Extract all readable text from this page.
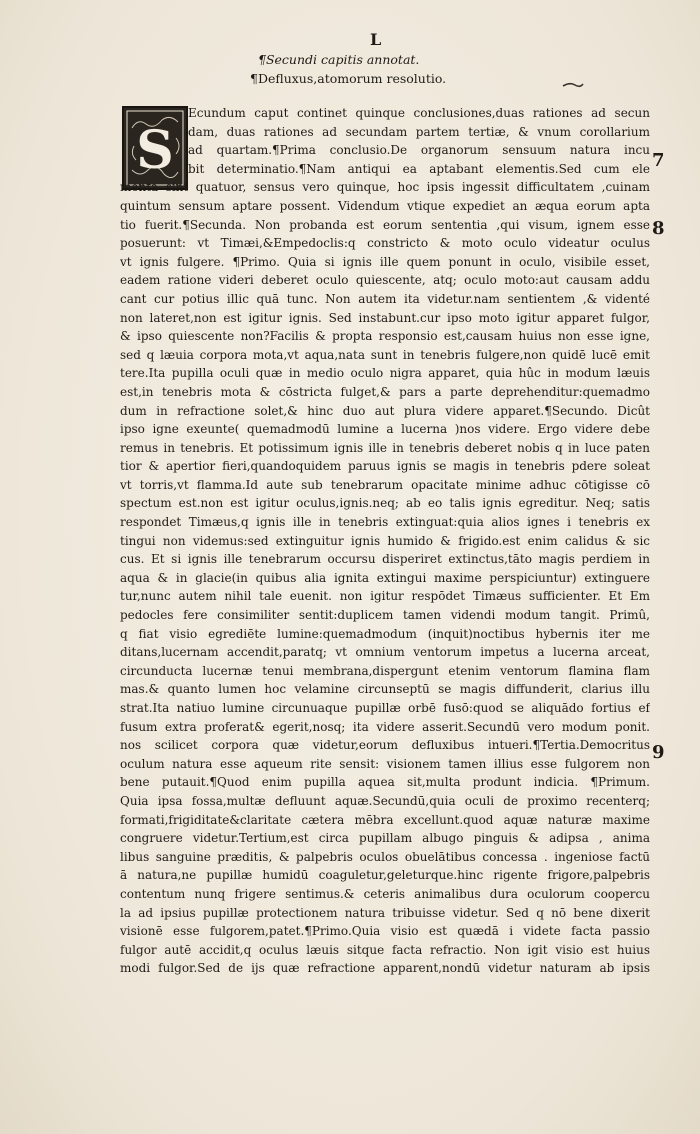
L
¶Secundi capitis annotat.
¶Defluxus,atomorum resolutio.
S
Ecundum caput continet quinque conclusiones,duas rationes ad secun
dam, duas rationes ad secundam partem tertiæ, & vnum corollarium
ad quartam.¶Prima conclusio.De organorum sensuum natura incu
bit determinatio.¶Nam antiqui ea aptabant elementis.Sed cum ele
menta sint quatuor, sensus vero quinque, hoc ipsis ingessit difficultatem ,cuinam
quintum sensum aptare possent. Videndum vtique expediet an æqua eorum apta
tio fuerit.¶Secunda. Non probanda est eorum sententia ,qui visum, ignem esse
posuerunt: vt Timæi,&Empedoclis:q constricto & moto oculo videatur oculus
vt ignis fulgere. ¶Primo. Quia si ignis ille quem ponunt in oculo, visibile esset,
eadem ratione videri deberet oculo quiescente, atq; oculo moto:aut causam addu
cant cur potius illic quā tunc. Non autem ita videtur.nam sentientem ,& videnté
non lateret,non est igitur ignis. Sed instabunt.cur ipso moto igitur apparet fulgor,
& ipso quiescente non?Facilis & propta responsio est,causam huius non esse igne,
sed q læuia corpora mota,vt aqua,nata sunt in tenebris fulgere,non quidē lucē emit
tere.Ita pupilla oculi quæ in medio oculo nigra apparet, quia hûc in modum læuis
est,in tenebris mota & cōstricta fulget,& pars a parte deprehenditur:quemadmo
dum in refractione solet,& hinc duo aut plura videre apparet.¶Secundo. Dicût
ipso igne exeunte( quemadmodū lumine a lucerna )nos videre. Ergo videre debe
remus in tenebris. Et potissimum ignis ille in tenebris deberet nobis q in luce paten
tior & apertior fieri,quandoquidem paruus ignis se magis in tenebris pdere soleat
vt torris,vt flamma.Id aute sub tenebrarum opacitate minime adhuc cōtigisse cō
spectum est.non est igitur oculus,ignis.neq; ab eo talis ignis egreditur. Neq; satis
respondet Timæus,q ignis ille in tenebris extinguat:quia alios ignes i tenebris ex
tingui non videmus:sed extinguitur ignis humido & frigido.est enim calidus & sic
cus. Et si ignis ille tenebrarum occursu disperiret extinctus,tāto magis perdiem in
aqua & in glacie(in quibus alia ignita extingui maxime perspiciuntur) extinguere
tur,nunc autem nihil tale euenit. non igitur respōdet Timæus sufficienter. Et Em
pedocles fere consimiliter sentit:duplicem tamen videndi modum tangit. Primû,
q fiat visio egrediēte lumine:quemadmodum (inquit)noctibus hybernis iter me
ditans,lucernam accendit,paratq; vt omnium ventorum impetus a lucerna arceat,
circunducta lucernæ tenui membrana,dispergunt etenim ventorum flamina flam
mas.& quanto lumen hoc velamine circunseptū se magis diffunderit, clarius illu
strat.Ita natiuo lumine circunuaque pupillæ orbē fusō:quod se aliquādo fortius ef
fusum extra proferat& egerit,nosq; ita videre asserit.Secundū vero modum ponit.
nos scilicet corpora quæ videtur,eorum defluxibus intueri.¶Tertia.Democritus
oculum natura esse aqueum rite sensit: visionem tamen illius esse fulgorem non
bene putauit.¶Quod enim pupilla aquea sit,multa produnt indicia. ¶Primum.
Quia ipsa fossa,multæ defluunt aquæ.Secundū,quia oculi de proximo recenterq;
formati,frigiditate&claritate cætera mēbra excellunt.quod aquæ naturæ maxime
congruere videtur.Tertium,est circa pupillam albugo pinguis & adipsa , anima
libus sanguine præditis, & palpebris oculos obuelātibus concessa . ingeniose factū
ā natura,ne pupillæ humidū coaguletur,geleturque.hinc rigente frigore,palpebris
contentum nunq frigere sentimus.& ceteris animalibus dura oculorum coopercu
la ad ipsius pupillæ protectionem natura tribuisse videtur. Sed q nō bene dixerit
visionē esse fulgorem,patet.¶Primo.Quia visio est quædā i videte facta passio
fulgor autē accidit,q oculus læuis sitque facta refractio. Non igit visio est huius
modi fulgor.Sed de ijs quæ refractione apparent,nondū videtur naturam ab ipsis
7
8
9
